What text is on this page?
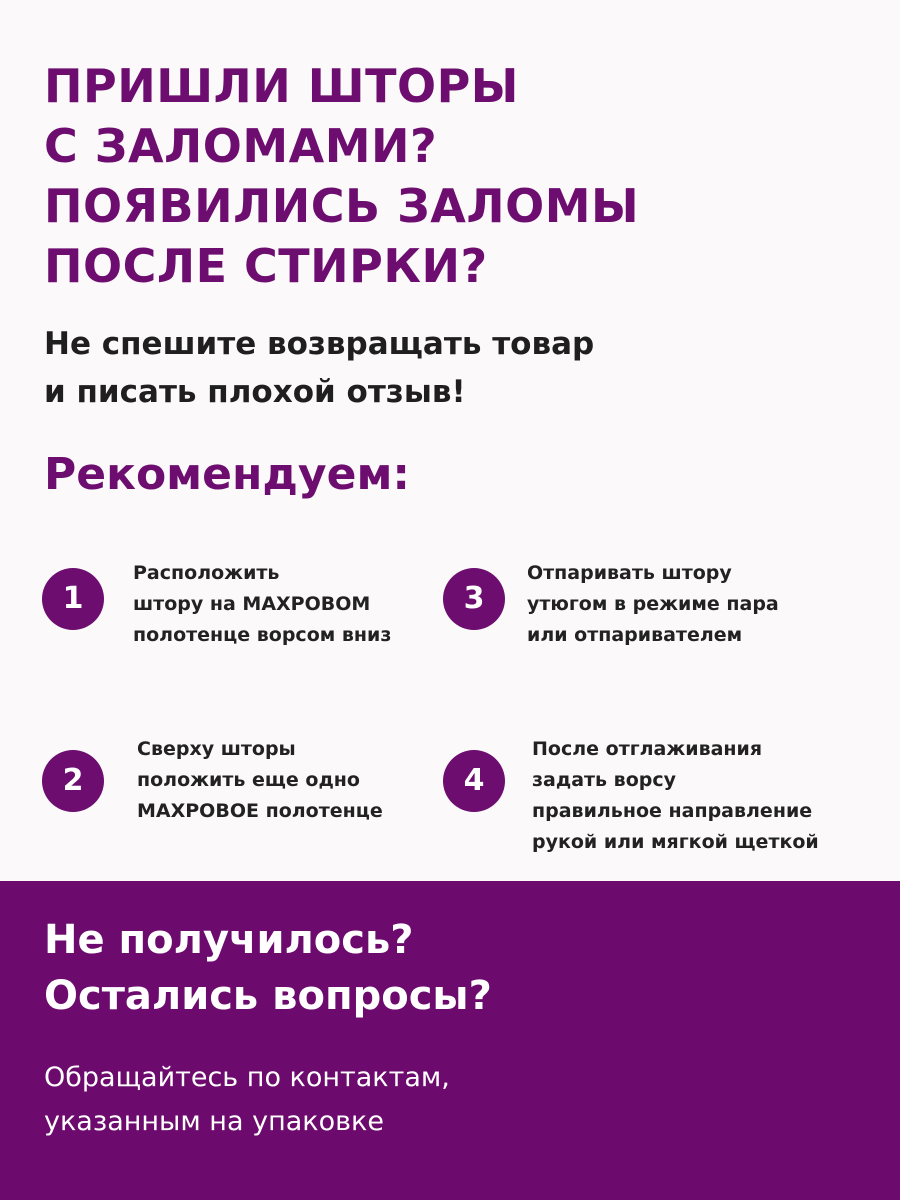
ПРИШЛИ ШТОРЫ
С ЗАЛОМАМИ?
ПОЯВИЛИСЬ ЗАЛОМЫ
ПОСЛЕ СТИРКИ?

Не спешите возвращать товар
и писать плохой отзыв!

Рекомендуем:
1
Расположить
штору на МАХРОВОМ
полотенце ворсом вниз
3
Отпаривать штору
утюгом в режиме пара
или отпаривателем
2
Сверху шторы
положить еще одно
МАХРОВОЕ полотенце
4
После отглаживания
задать ворсу
правильное направление
рукой или мягкой щеткой
Не получилось?
Остались вопросы?

Обращайтесь по контактам,
указанным на упаковке
